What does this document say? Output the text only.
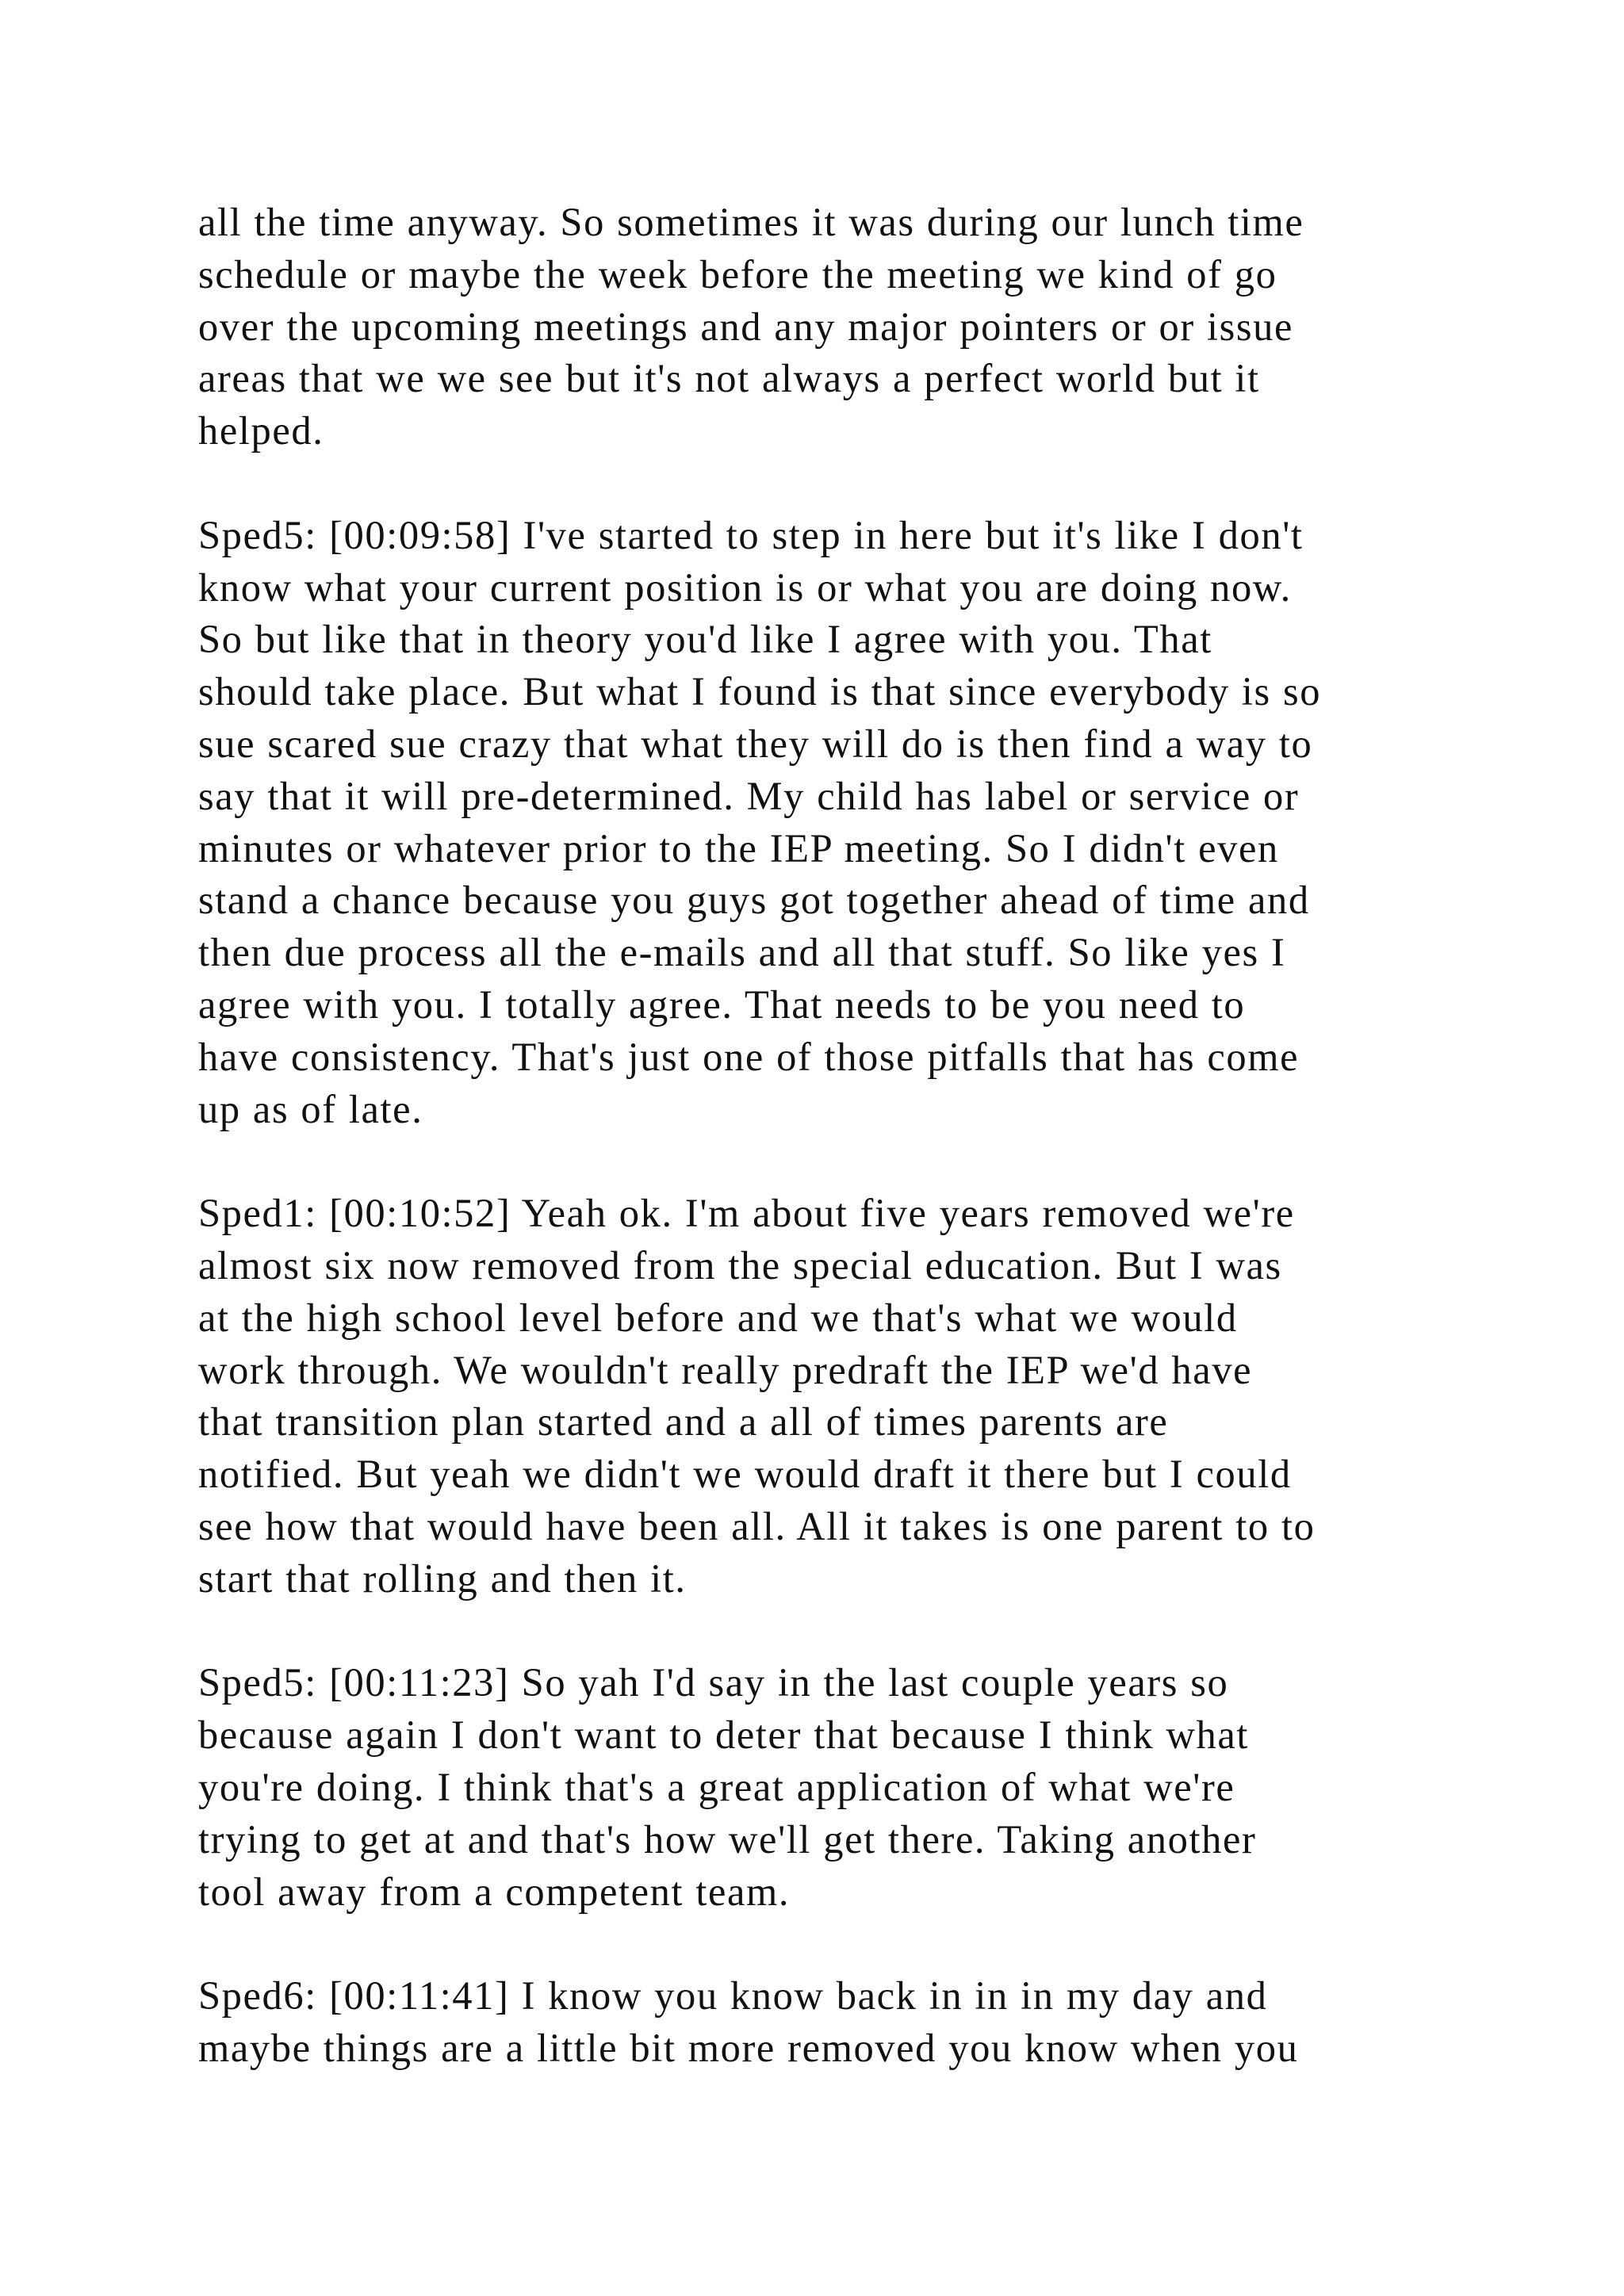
all the time anyway. So sometimes it was during our lunch time
schedule or maybe the week before the meeting we kind of go
over the upcoming meetings and any major pointers or or issue
areas that we we see but it's not always a perfect world but it
helped.

Sped5: [00:09:58] I've started to step in here but it's like I don't
know what your current position is or what you are doing now.
So but like that in theory you'd like I agree with you. That
should take place. But what I found is that since everybody is so
sue scared sue crazy that what they will do is then find a way to
say that it will pre-determined. My child has label or service or
minutes or whatever prior to the IEP meeting. So I didn't even
stand a chance because you guys got together ahead of time and
then due process all the e-mails and all that stuff. So like yes I
agree with you. I totally agree. That needs to be you need to
have consistency. That's just one of those pitfalls that has come
up as of late.

Sped1: [00:10:52] Yeah ok. I'm about five years removed we're
almost six now removed from the special education. But I was
at the high school level before and we that's what we would
work through. We wouldn't really predraft the IEP we'd have
that transition plan started and a all of times parents are
notified. But yeah we didn't we would draft it there but I could
see how that would have been all. All it takes is one parent to to
start that rolling and then it.

Sped5: [00:11:23] So yah I'd say in the last couple years so
because again I don't want to deter that because I think what
you're doing. I think that's a great application of what we're
trying to get at and that's how we'll get there. Taking another
tool away from a competent team.

Sped6: [00:11:41] I know you know back in in in my day and
maybe things are a little bit more removed you know when you
